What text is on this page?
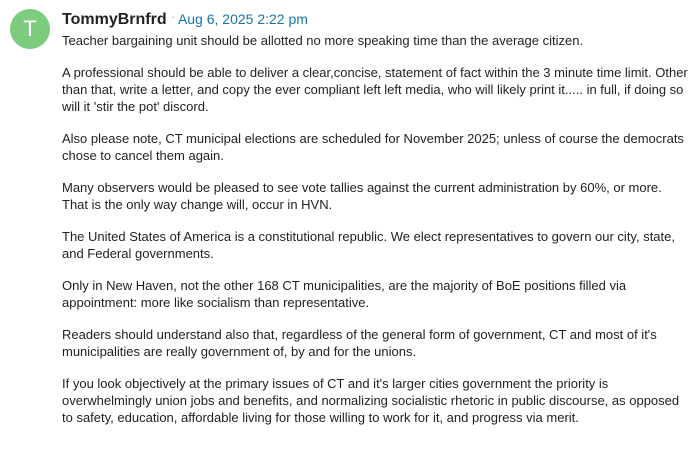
T TommyBrnfrd · Aug 6, 2025 2:22 pm

Teacher bargaining unit should be allotted no more speaking time than the average citizen.

A professional should be able to deliver a clear,concise, statement of fact within the 3 minute time limit. Other than that, write a letter, and copy the ever compliant left left media, who will likely print it..... in full, if doing so will it 'stir the pot' discord.

Also please note, CT municipal elections are scheduled for November 2025; unless of course the democrats chose to cancel them again.

Many observers would be pleased to see vote tallies against the current administration by 60%, or more. That is the only way change will, occur in HVN.

The United States of America is a constitutional republic. We elect representatives to govern our city, state, and Federal governments.

Only in New Haven, not the other 168 CT municipalities, are the majority of BoE positions filled via appointment: more like socialism than representative.

Readers should understand also that, regardless of the general form of government, CT and most of it's municipalities are really government of, by and for the unions.

If you look objectively at the primary issues of CT and it's larger cities government the priority is overwhelmingly union jobs and benefits, and normalizing socialistic rhetoric in public discourse, as opposed to safety, education, affordable living for those willing to work for it, and progress via merit.
